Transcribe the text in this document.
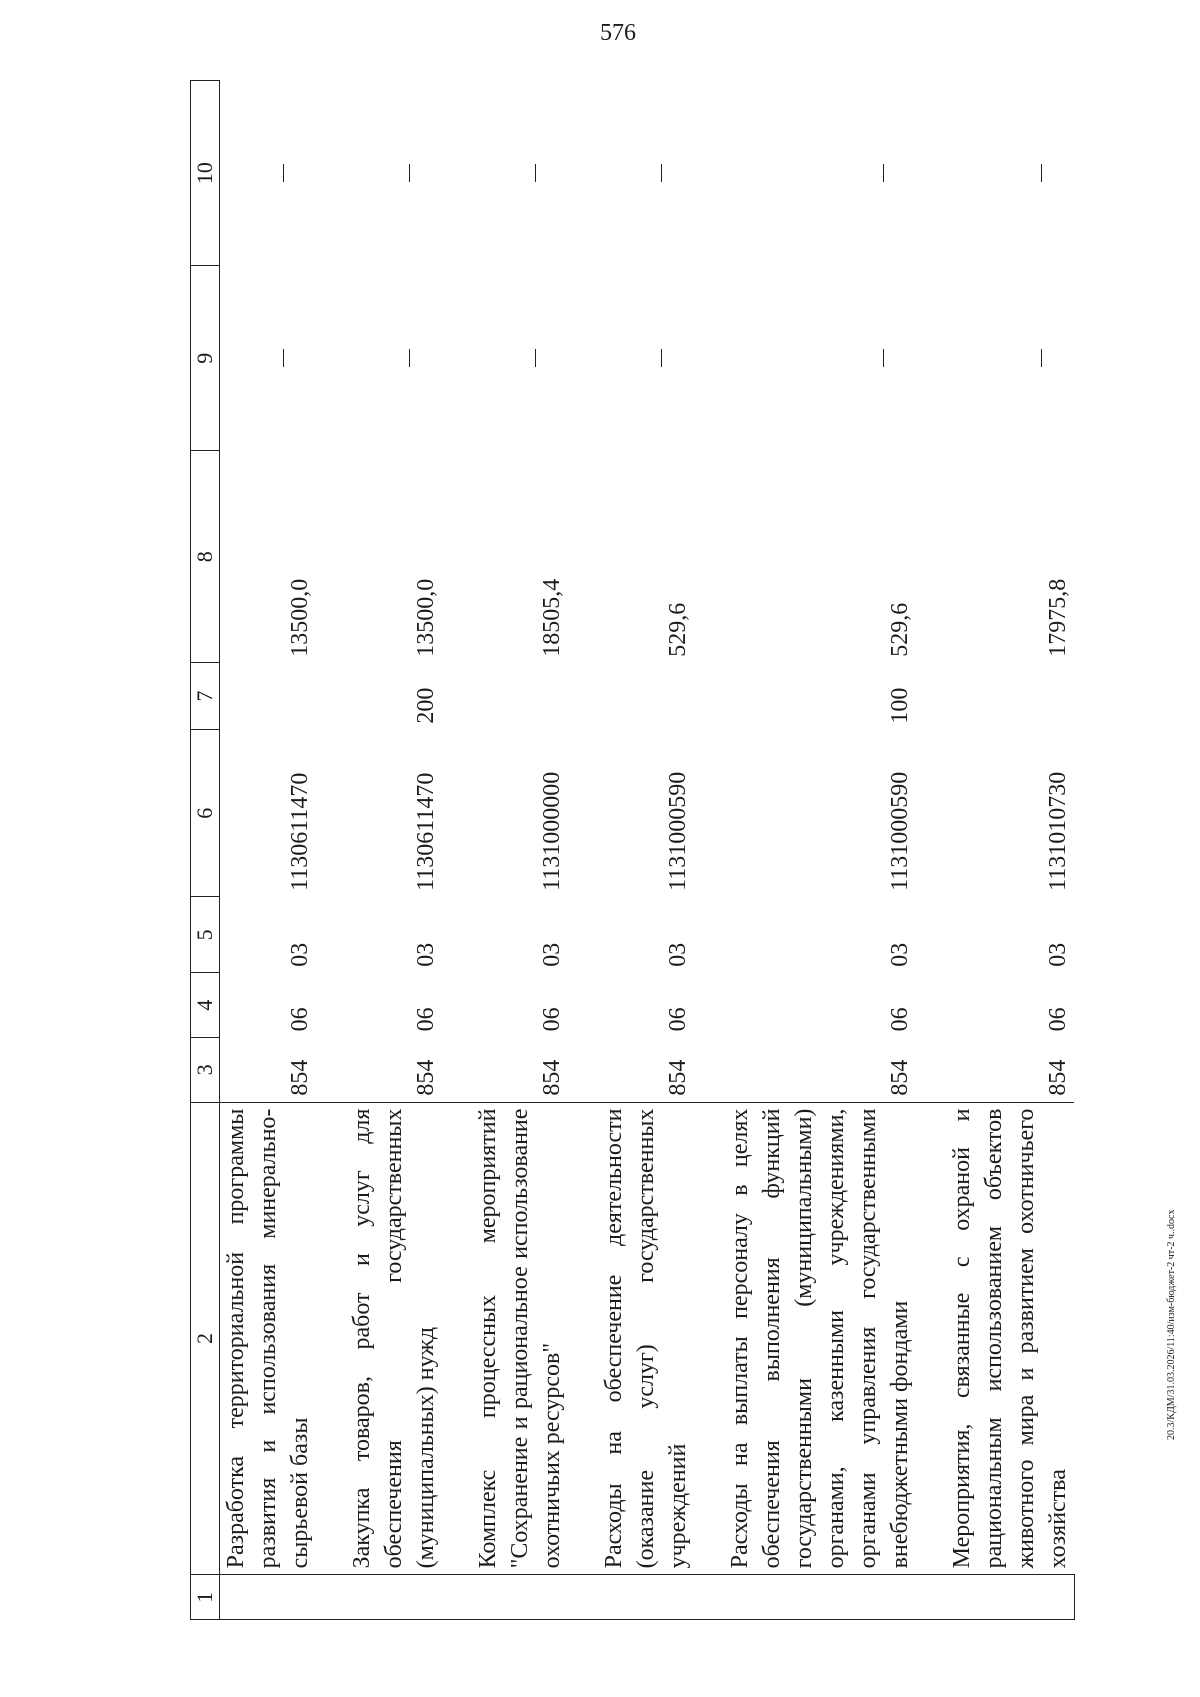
576
1	2	3	4	5	6	7	8	9	10
	Разработка территориальной программы развития и использования минерально-сырьевой базы	854	06	03	1130611470		13500,0		

	Закупка товаров, работ и услуг для обеспечения государственных (муниципальных) нужд	854	06	03	1130611470	200	13500,0		

	Комплекс процессных мероприятий "Сохранение и рациональное использование охотничьих ресурсов"	854	06	03	1131000000		18505,4		

	Расходы на обеспечение деятельности (оказание услуг) государственных учреждений	854	06	03	1131000590		529,6		

	Расходы на выплаты персоналу в целях обеспечения выполнения функций государственными (муниципальными) органами, казенными учреждениями, органами управления государственными внебюджетными фондами	854	06	03	1131000590	100	529,6		

	Мероприятия, связанные с охраной и рациональным использованием объектов животного мира и развитием охотничьего хозяйства	854	06	03	1131010730		17975,8		
20.3/КДМ/31.03.2026/11:40/изм-бюджет-2 чт-2 ч..docx
